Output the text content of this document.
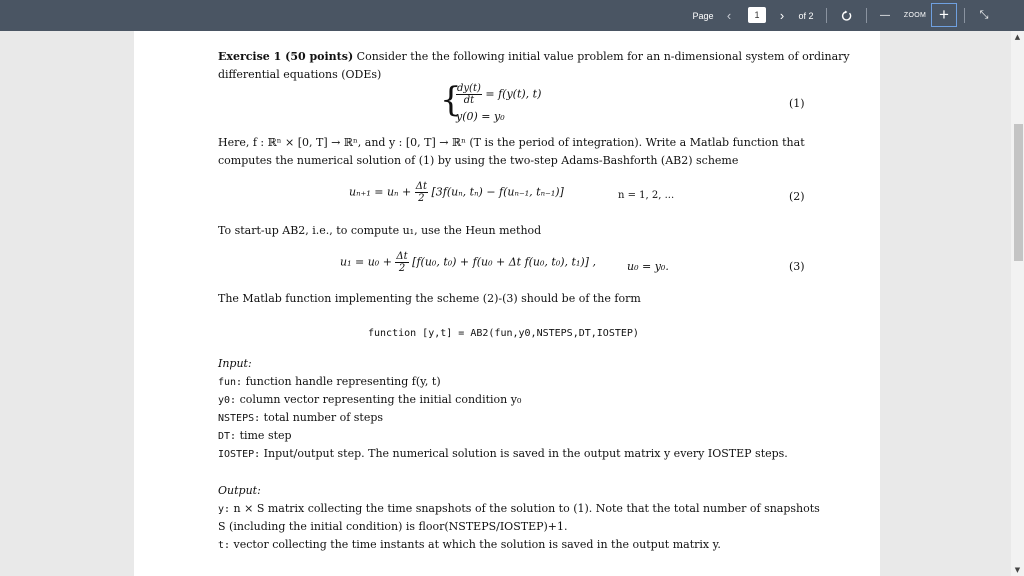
Page	‹	1	›	of 2	—	ZOOM +	⤡
Exercise 1 (50 points) Consider the the following initial value problem for an n-dimensional system of ordinary
differential equations (ODEs)
{
$\frac{dy(t)}{dt} = f(y(t)$, t)
y(0) = y₀
(1)
Here, f : ℝⁿ × [0, T] → ℝⁿ, and y : [0, T] → ℝⁿ (T is the period of integration). Write a Matlab function that
computes the numerical solution of (1) by using the two-step Adams-Bashforth (AB2) scheme
$u_{n+1} = u_n + \frac{\Delta t}{2} [3f(u_n$, tₙ) − f(uₙ₋₁, tₙ₋₁)]	n = 1, 2, ...	(2)
To start-up AB2, i.e., to compute u₁, use the Heun method
$u_1 = u_0 + \frac{\Delta t}{2} [f(u_0$, t₀) + f(u₀ + Δt f(u₀, t₀), t₁)] ,	u₀ = y₀.	(3)
The Matlab function implementing the scheme (2)-(3) should be of the form
function [y,t] = AB2(fun,y0,NSTEPS,DT,IOSTEP)
Input:
fun: function handle representing f(y, t)
y0: column vector representing the initial condition y₀
NSTEPS: total number of steps
DT: time step
IOSTEP: Input/output step. The numerical solution is saved in the output matrix y every IOSTEP steps.
Output:
y: n × S matrix collecting the time snapshots of the solution to (1). Note that the total number of snapshots
S (including the initial condition) is floor(NSTEPS/IOSTEP)+1.
t: vector collecting the time instants at which the solution is saved in the output matrix y.
▲
▼
